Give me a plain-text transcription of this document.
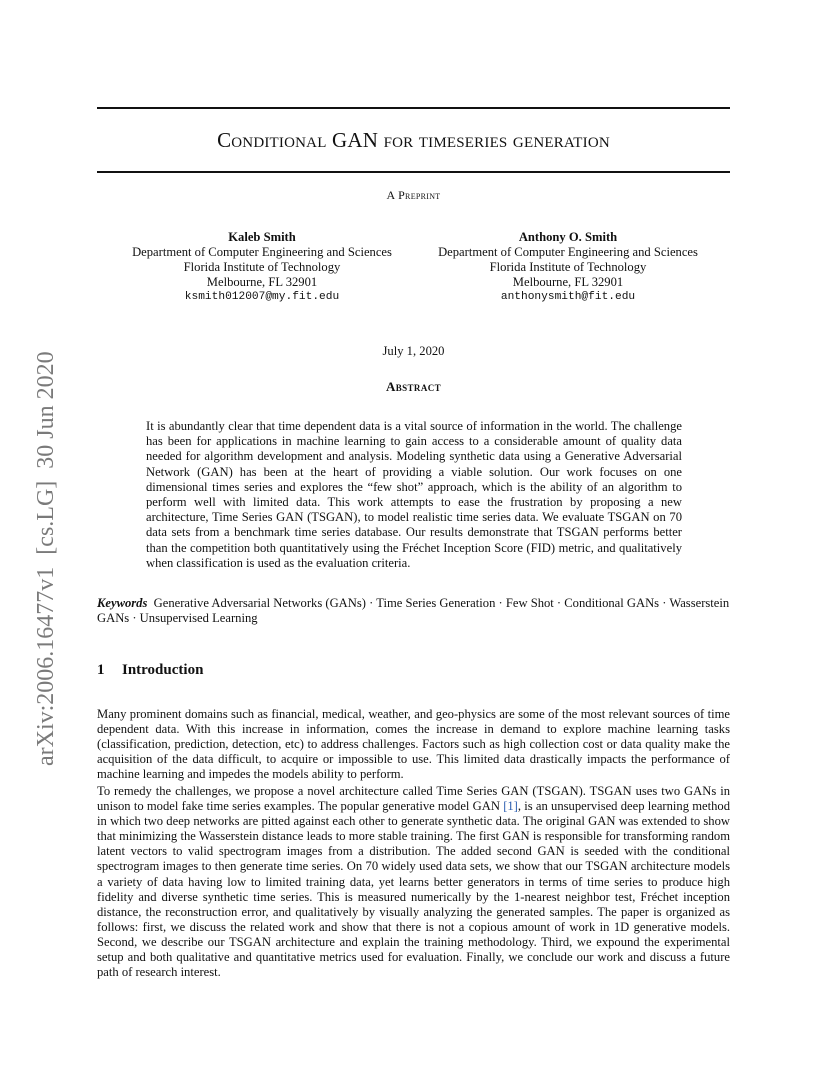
Conditional GAN for timeseries generation
A Preprint
Kaleb Smith
Department of Computer Engineering and Sciences
Florida Institute of Technology
Melbourne, FL 32901
ksmith012007@my.fit.edu
Anthony O. Smith
Department of Computer Engineering and Sciences
Florida Institute of Technology
Melbourne, FL 32901
anthonysmith@fit.edu
July 1, 2020
Abstract
It is abundantly clear that time dependent data is a vital source of information in the world. The challenge has been for applications in machine learning to gain access to a considerable amount of quality data needed for algorithm development and analysis. Modeling synthetic data using a Generative Adversarial Network (GAN) has been at the heart of providing a viable solution. Our work focuses on one dimensional times series and explores the “few shot” approach, which is the ability of an algorithm to perform well with limited data. This work attempts to ease the frustration by proposing a new architecture, Time Series GAN (TSGAN), to model realistic time series data. We evaluate TSGAN on 70 data sets from a benchmark time series database. Our results demonstrate that TSGAN performs better than the competition both quantitatively using the Fréchet Inception Score (FID) metric, and qualitatively when classification is used as the evaluation criteria.
Keywords Generative Adversarial Networks (GANs) · Time Series Generation · Few Shot · Conditional GANs · Wasserstein GANs · Unsupervised Learning
1 Introduction
Many prominent domains such as financial, medical, weather, and geo-physics are some of the most relevant sources of time dependent data. With this increase in information, comes the increase in demand to explore machine learning tasks (classification, prediction, detection, etc) to address challenges. Factors such as high collection cost or data quality make the acquisition of the data difficult, to acquire or impossible to use. This limited data drastically impacts the performance of machine learning and impedes the models ability to perform.
To remedy the challenges, we propose a novel architecture called Time Series GAN (TSGAN). TSGAN uses two GANs in unison to model fake time series examples. The popular generative model GAN [1], is an unsupervised deep learning method in which two deep networks are pitted against each other to generate synthetic data. The original GAN was extended to show that minimizing the Wasserstein distance leads to more stable training. The first GAN is responsible for transforming random latent vectors to valid spectrogram images from a distribution. The added second GAN is seeded with the conditional spectrogram images to then generate time series. On 70 widely used data sets, we show that our TSGAN architecture models a variety of data having low to limited training data, yet learns better generators in terms of time series to produce high fidelity and diverse synthetic time series. This is measured numerically by the 1-nearest neighbor test, Fréchet inception distance, the reconstruction error, and qualitatively by visually analyzing the generated samples. The paper is organized as follows: first, we discuss the related work and show that there is not a copious amount of work in 1D generative models. Second, we describe our TSGAN architecture and explain the training methodology. Third, we expound the experimental setup and both qualitative and quantitative metrics used for evaluation. Finally, we conclude our work and discuss a future path of research interest.
arXiv:2006.16477v1  [cs.LG]  30 Jun 2020
